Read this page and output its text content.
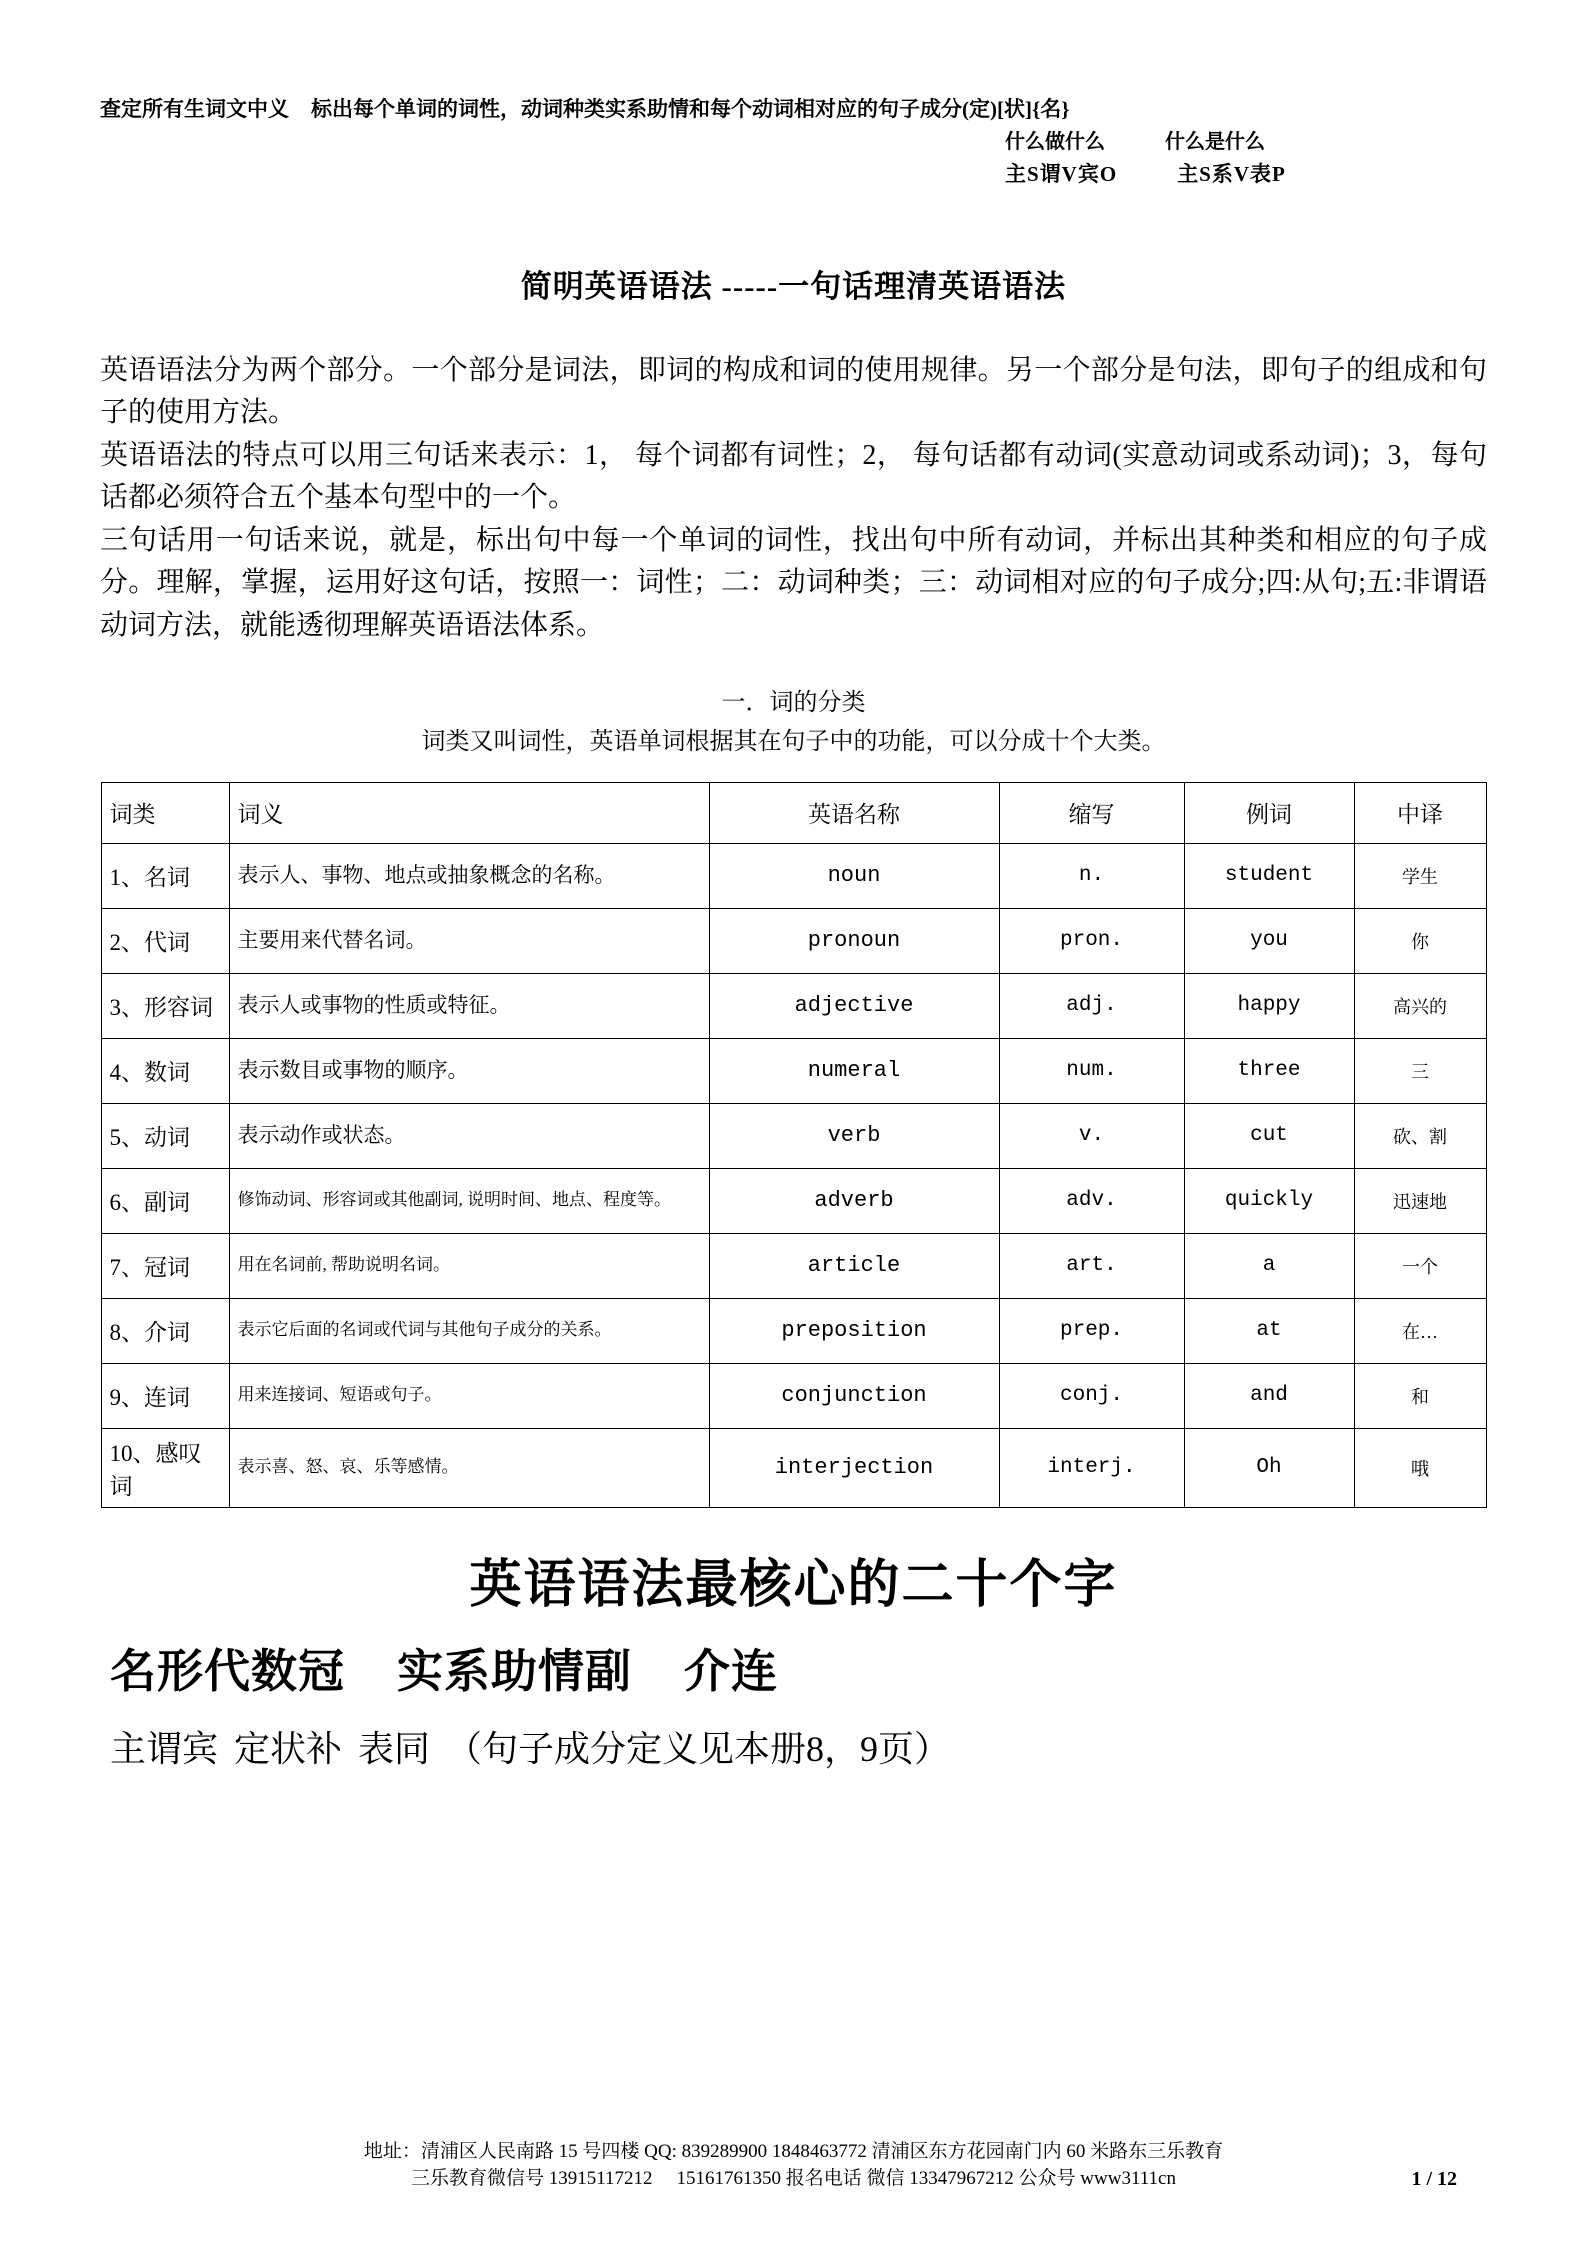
查定所有生词文中义 标出每个单词的词性，动词种类实系助情和每个动词相对应的句子成分(定)[状]{名}
什么做什么	什么是什么
主S谓V宾O	主S系V表P
简明英语语法 -----一句话理清英语语法

英语语法分为两个部分。一个部分是词法，即词的构成和词的使用规律。另一个部分是句法，即句子的组成和句子的使用方法。

英语语法的特点可以用三句话来表示：1， 每个词都有词性；2， 每句话都有动词(实意动词或系动词)；3，每句话都必须符合五个基本句型中的一个。

三句话用一句话来说，就是，标出句中每一个单词的词性，找出句中所有动词，并标出其种类和相应的句子成分。理解，掌握，运用好这句话，按照一：词性；二：动词种类；三：动词相对应的句子成分;四:从句;五:非谓语动词方法，就能透彻理解英语语法体系。

一．词的分类
词类又叫词性，英语单词根据其在句子中的功能，可以分成十个大类。
词类	词义	英语名称	缩写	例词	中译
1、名词	表示人、事物、地点或抽象概念的名称。	noun	n.	student	学生
2、代词	主要用来代替名词。	pronoun	pron.	you	你
3、形容词	表示人或事物的性质或特征。	adjective	adj.	happy	高兴的
4、数词	表示数目或事物的顺序。	numeral	num.	three	三
5、动词	表示动作或状态。	verb	v.	cut	砍、割
6、副词	修饰动词、形容词或其他副词, 说明时间、地点、程度等。	adverb	adv.	quickly	迅速地
7、冠词	用在名词前, 帮助说明名词。	article	art.	a	一个
8、介词	表示它后面的名词或代词与其他句子成分的关系。	preposition	prep.	at	在…
9、连词	用来连接词、短语或句子。	conjunction	conj.	and	和
10、感叹词	表示喜、怒、哀、乐等感情。	interjection	interj.	Oh	哦
英语语法最核心的二十个字
名形代数冠 实系助情副 介连
主谓宾 定状补 表同 （句子成分定义见本册8，9页）
地址：清浦区人民南路 15 号四楼 QQ: 839289900 1848463772 清浦区东方花园南门内 60 米路东三乐教育
三乐教育微信号 13915117212 15161761350 报名电话 微信 13347967212 公众号 www3111cn	1 / 12
